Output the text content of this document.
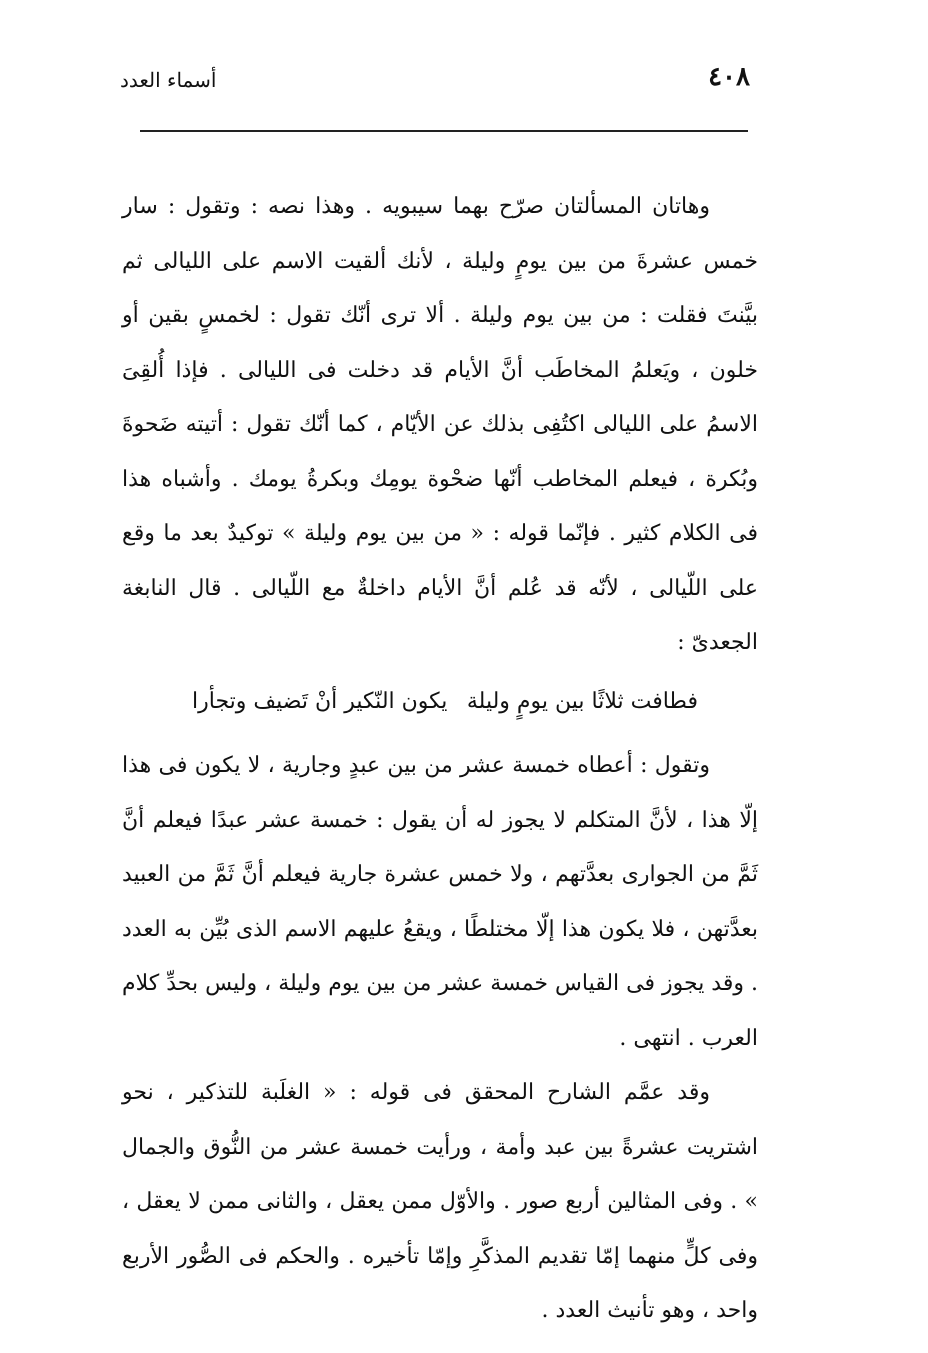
٤٠٨
أسماء العدد

وهاتان المسألتان صرّح بهما سيبويه . وهذا نصه : وتقول : سار خمس عشرةَ من بين يومٍ وليلة ، لأنك ألقيت الاسم على الليالى ثم بيَّنتَ فقلت : من بين يوم وليلة . ألا ترى أنّك تقول : لخمسٍ بقين أو خلون ، ويَعلمُ المخاطَب أنَّ الأيام قد دخلت فى الليالى . فإذا أُلقِىَ الاسمُ على الليالى اكتُفِى بذلك عن الأيّام ، كما أنّك تقول : أتيته ضَحوةَ وبُكرة ، فيعلم المخاطب أنّها ضحْوة يومِك وبكرةُ يومك . وأشباه هذا فى الكلام كثير . فإنّما قوله : « من بين يوم وليلة » توكيدٌ بعد ما وقع على اللّيالى ، لأنّه قد عُلم أنَّ الأيام داخلةٌ مع اللّيالى . قال النابغة الجعدىّ :

فطافت ثلاثًا بين يومٍ وليلة
يكون النّكير أنْ تَضيف وتجأرا

وتقول : أعطاه خمسة عشر من بين عبدٍ وجارية ، لا يكون فى هذا إلّا هذا ، لأنَّ المتكلم لا يجوز له أن يقول : خمسة عشر عبدًا فيعلم أنَّ ثَمَّ من الجوارى بعدَّتهم ، ولا خمس عشرة جارية فيعلم أنَّ ثَمَّ من العبيد بعدَّتهن ، فلا يكون هذا إلّا مختلطًا ، ويقعُ عليهم الاسم الذى بُيِّن به العدد . وقد يجوز فى القياس خمسة عشر من بين يوم وليلة ، وليس بحدِّ كلام العرب . انتهى .

وقد عمَّم الشارح المحقق فى قوله : « الغلَبة للتذكير ، نحو اشتريت عشرةً بين عبد وأمة ، ورأيت خمسة عشر من النُّوق والجمال » . وفى المثالين أربع صور . والأوّل ممن يعقل ، والثانى ممن لا يعقل ، وفى كلٍّ منهما إمّا تقديم المذكَّرِ وإمّا تأخيره . والحكم فى الصُّور الأربع واحد ، وهو تأنيث العدد .
